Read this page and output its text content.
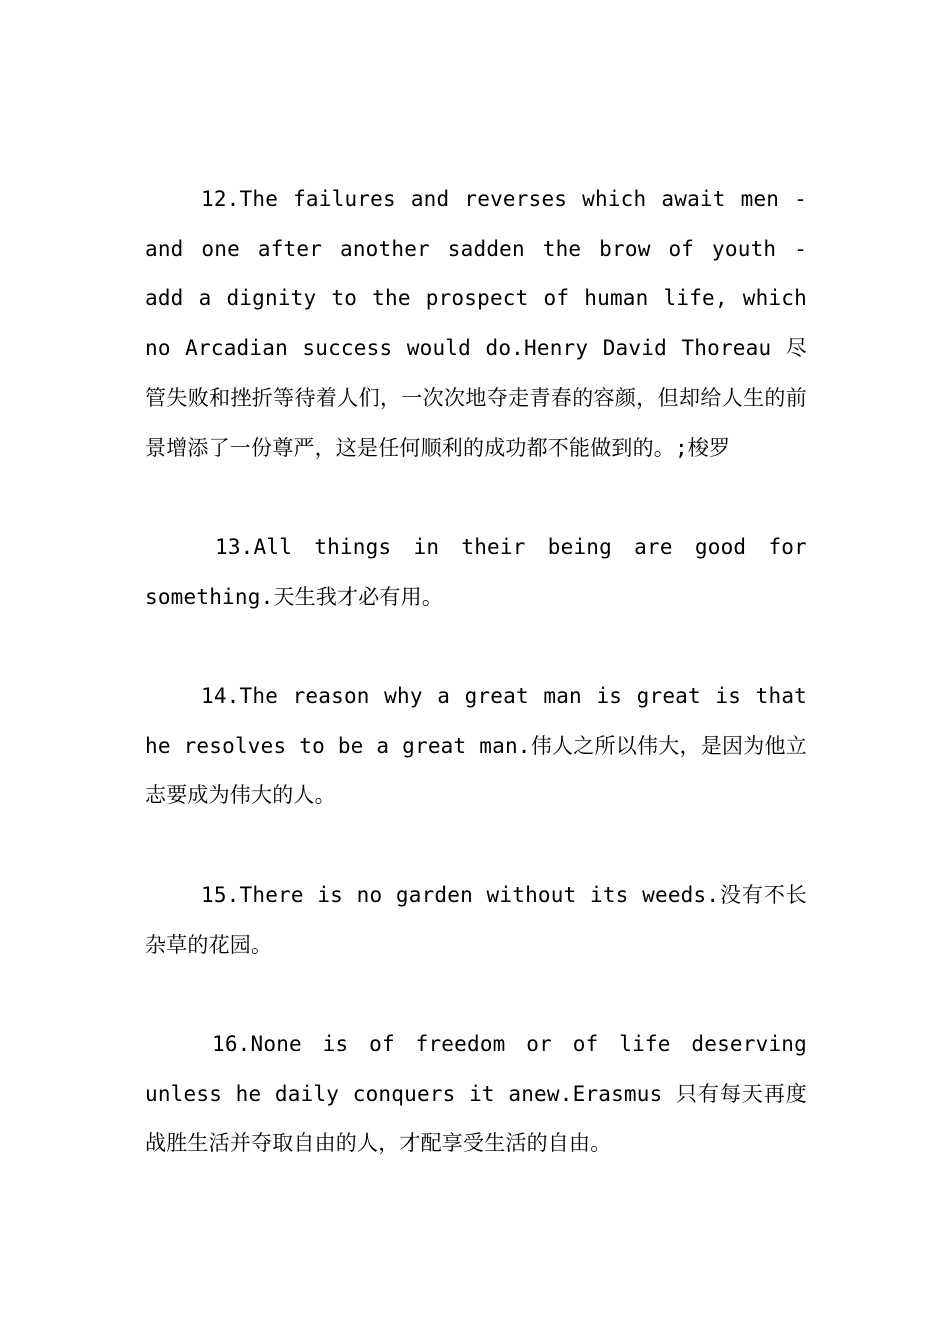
12.The failures and reverses which await men - and one after another sadden the brow of youth - add a dignity to the prospect of human life, which no Arcadian success would do.Henry David Thoreau 尽管失败和挫折等待着人们，一次次地夺走青春的容颜，但却给人生的前景增添了一份尊严，这是任何顺利的成功都不能做到的。;梭罗

13.All things in their being are good for something.天生我才必有用。

14.The reason why a great man is great is that he resolves to be a great man.伟人之所以伟大，是因为他立志要成为伟大的人。

15.There is no garden without its weeds.没有不长杂草的花园。

16.None is of freedom or of life deserving unless he daily conquers it anew.Erasmus 只有每天再度战胜生活并夺取自由的人，才配享受生活的自由。
